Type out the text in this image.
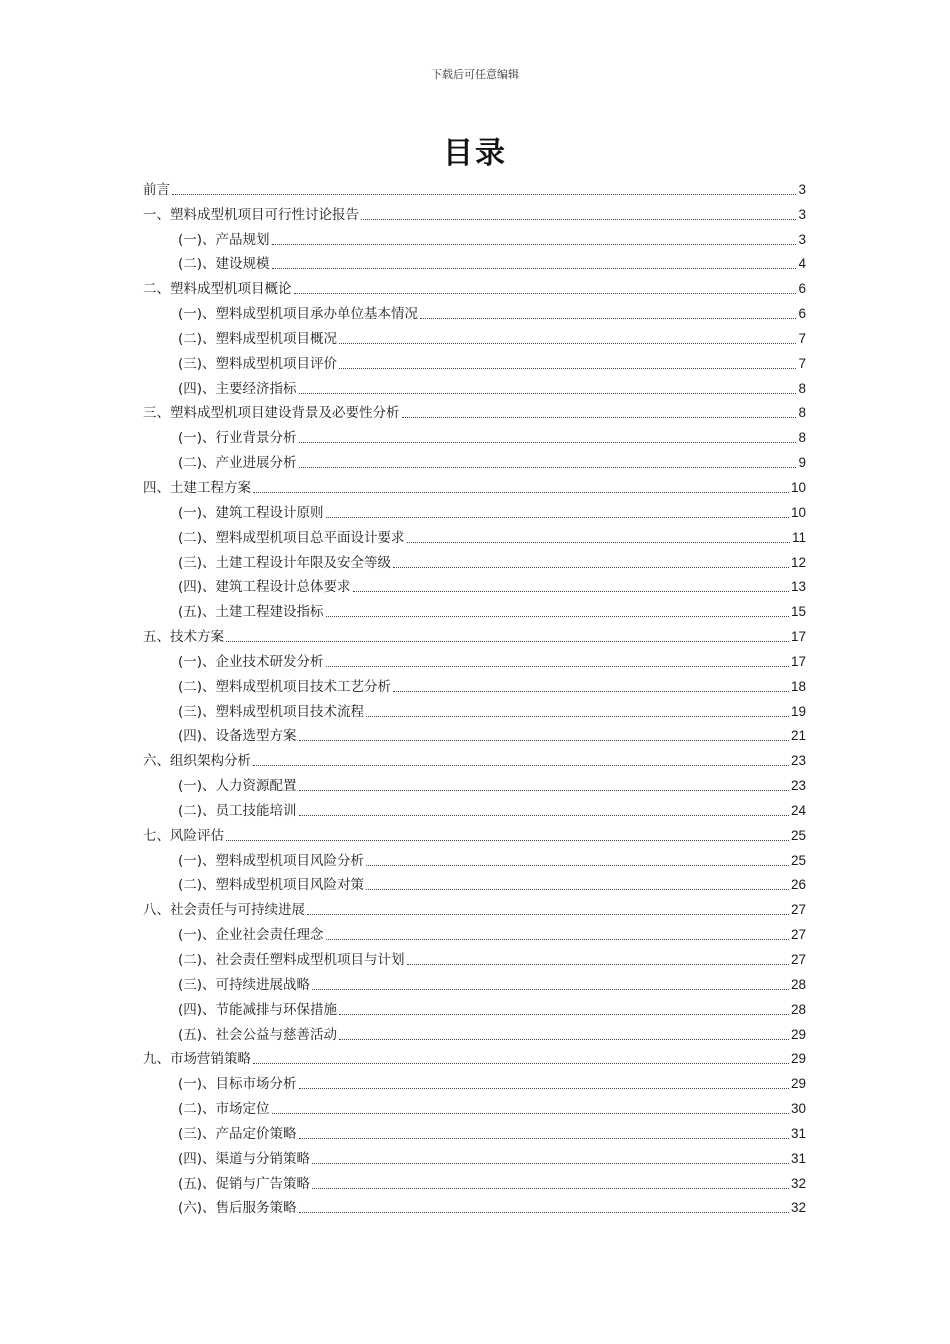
下载后可任意编辑
目录
前言	3
一、塑料成型机项目可行性讨论报告	3
(一)、产品规划	3
(二)、建设规模	4
二、塑料成型机项目概论	6
(一)、塑料成型机项目承办单位基本情况	6
(二)、塑料成型机项目概况	7
(三)、塑料成型机项目评价	7
(四)、主要经济指标	8
三、塑料成型机项目建设背景及必要性分析	8
(一)、行业背景分析	8
(二)、产业进展分析	9
四、土建工程方案	10
(一)、建筑工程设计原则	10
(二)、塑料成型机项目总平面设计要求	11
(三)、土建工程设计年限及安全等级	12
(四)、建筑工程设计总体要求	13
(五)、土建工程建设指标	15
五、技术方案	17
(一)、企业技术研发分析	17
(二)、塑料成型机项目技术工艺分析	18
(三)、塑料成型机项目技术流程	19
(四)、设备选型方案	21
六、组织架构分析	23
(一)、人力资源配置	23
(二)、员工技能培训	24
七、风险评估	25
(一)、塑料成型机项目风险分析	25
(二)、塑料成型机项目风险对策	26
八、社会责任与可持续进展	27
(一)、企业社会责任理念	27
(二)、社会责任塑料成型机项目与计划	27
(三)、可持续进展战略	28
(四)、节能减排与环保措施	28
(五)、社会公益与慈善活动	29
九、市场营销策略	29
(一)、目标市场分析	29
(二)、市场定位	30
(三)、产品定价策略	31
(四)、渠道与分销策略	31
(五)、促销与广告策略	32
(六)、售后服务策略	32
